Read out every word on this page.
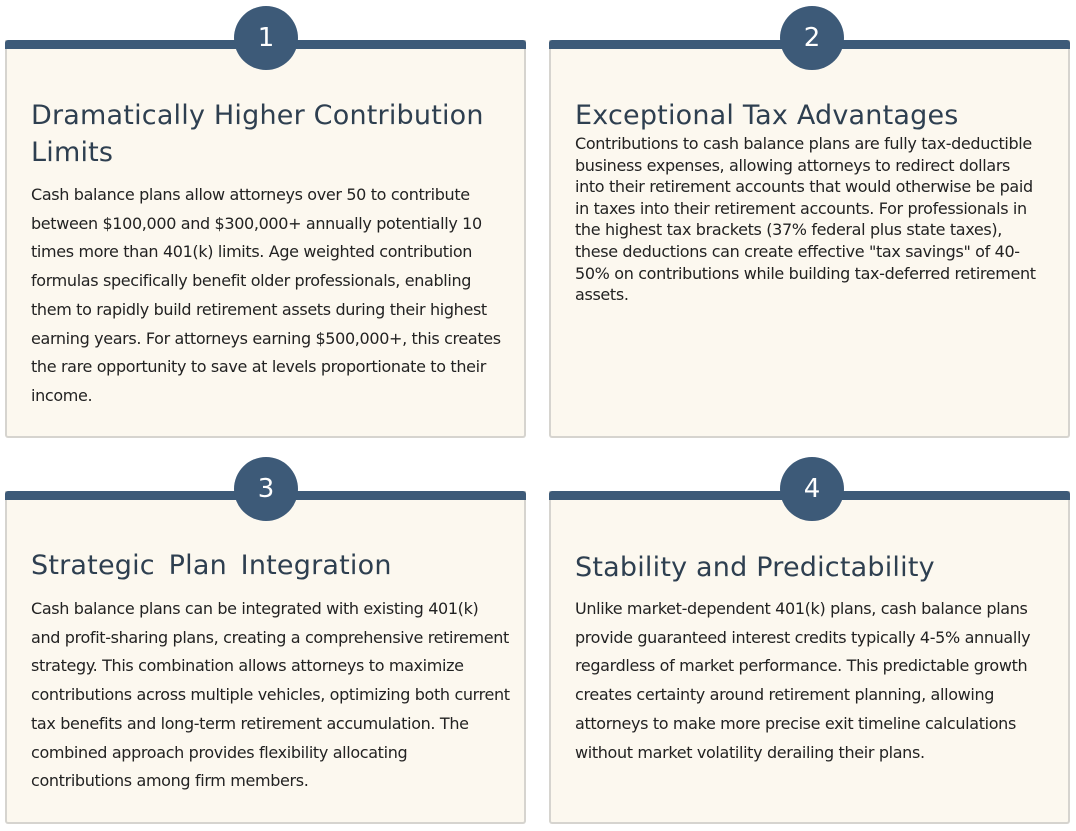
1
Dramatically Higher Contribution Limits

Cash balance plans allow attorneys over 50 to contribute between $100,000 and $300,000+ annually potentially 10 times more than 401(k) limits. Age weighted contribution formulas specifically benefit older professionals, enabling them to rapidly build retirement assets during their highest earning years. For attorneys earning $500,000+, this creates the rare opportunity to save at levels proportionate to their income.

2
Exceptional Tax Advantages

Contributions to cash balance plans are fully tax-deductible business expenses, allowing attorneys to redirect dollars into their retirement accounts that would otherwise be paid in taxes into their retirement accounts. For professionals in the highest tax brackets (37% federal plus state taxes), these deductions can create effective "tax savings" of 40-50% on contributions while building tax-deferred retirement assets.

3
Strategic Plan Integration

Cash balance plans can be integrated with existing 401(k) and profit-sharing plans, creating a comprehensive retirement strategy. This combination allows attorneys to maximize contributions across multiple vehicles, optimizing both current tax benefits and long-term retirement accumulation. The combined approach provides flexibility allocating contributions among firm members.

4
Stability and Predictability

Unlike market-dependent 401(k) plans, cash balance plans provide guaranteed interest credits typically 4-5% annually regardless of market performance. This predictable growth creates certainty around retirement planning, allowing attorneys to make more precise exit timeline calculations without market volatility derailing their plans.
